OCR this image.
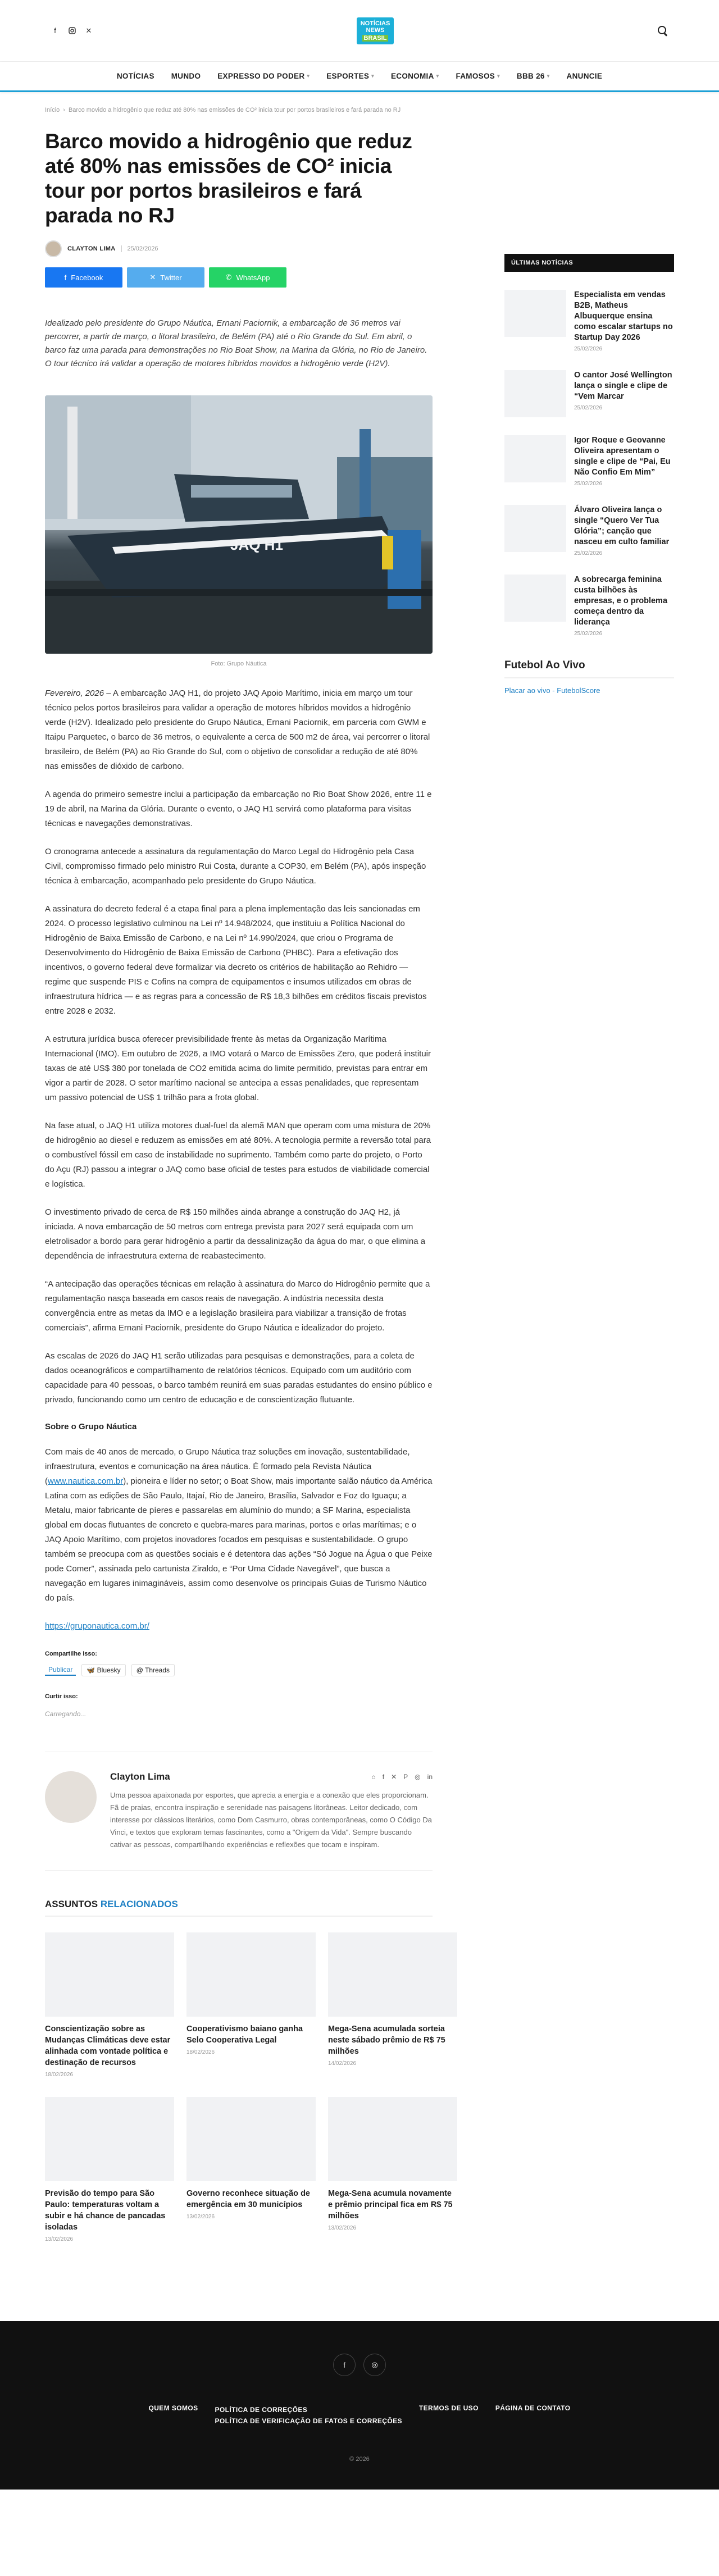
f	✕
NOTÍCIAS
NEWS
BRASIL
NOTÍCIAS MUNDO EXPRESSO DO PODER ▾ ESPORTES ▾ ECONOMIA ▾ FAMOSOS ▾ BBB 26 ▾ ANUNCIE
Início › Barco movido a hidrogênio que reduz até 80% nas emissões de CO² inicia tour por portos brasileiros e fará parada no RJ
Barco movido a hidrogênio que reduz até 80% nas emissões de CO² inicia tour por portos brasileiros e fará parada no RJ
CLAYTON LIMA	25/02/2026
f Facebook	✕ Twitter	✆ WhatsApp

Idealizado pelo presidente do Grupo Náutica, Ernani Paciornik, a embarcação de 36 metros vai percorrer, a partir de março, o litoral brasileiro, de Belém (PA) até o Rio Grande do Sul. Em abril, o barco faz uma parada para demonstrações no Rio Boat Show, na Marina da Glória, no Rio de Janeiro. O tour técnico irá validar a operação de motores híbridos movidos a hidrogênio verde (H2V).

JAQ H1
Foto: Grupo Náutica

Fevereiro, 2026 – A embarcação JAQ H1, do projeto JAQ Apoio Marítimo, inicia em março um tour técnico pelos portos brasileiros para validar a operação de motores híbridos movidos a hidrogênio verde (H2V). Idealizado pelo presidente do Grupo Náutica, Ernani Paciornik, em parceria com GWM e Itaipu Parquetec, o barco de 36 metros, o equivalente a cerca de 500 m2 de área, vai percorrer o litoral brasileiro, de Belém (PA) ao Rio Grande do Sul, com o objetivo de consolidar a redução de até 80% nas emissões de dióxido de carbono.

A agenda do primeiro semestre inclui a participação da embarcação no Rio Boat Show 2026, entre 11 e 19 de abril, na Marina da Glória. Durante o evento, o JAQ H1 servirá como plataforma para visitas técnicas e navegações demonstrativas.

O cronograma antecede a assinatura da regulamentação do Marco Legal do Hidrogênio pela Casa Civil, compromisso firmado pelo ministro Rui Costa, durante a COP30, em Belém (PA), após inspeção técnica à embarcação, acompanhado pelo presidente do Grupo Náutica.

A assinatura do decreto federal é a etapa final para a plena implementação das leis sancionadas em 2024. O processo legislativo culminou na Lei nº 14.948/2024, que instituiu a Política Nacional do Hidrogênio de Baixa Emissão de Carbono, e na Lei nº 14.990/2024, que criou o Programa de Desenvolvimento do Hidrogênio de Baixa Emissão de Carbono (PHBC). Para a efetivação dos incentivos, o governo federal deve formalizar via decreto os critérios de habilitação ao Rehidro — regime que suspende PIS e Cofins na compra de equipamentos e insumos utilizados em obras de infraestrutura hídrica — e as regras para a concessão de R$ 18,3 bilhões em créditos fiscais previstos entre 2028 e 2032.

A estrutura jurídica busca oferecer previsibilidade frente às metas da Organização Marítima Internacional (IMO). Em outubro de 2026, a IMO votará o Marco de Emissões Zero, que poderá instituir taxas de até US$ 380 por tonelada de CO2 emitida acima do limite permitido, previstas para entrar em vigor a partir de 2028. O setor marítimo nacional se antecipa a essas penalidades, que representam um passivo potencial de US$ 1 trilhão para a frota global.

Na fase atual, o JAQ H1 utiliza motores dual-fuel da alemã MAN que operam com uma mistura de 20% de hidrogênio ao diesel e reduzem as emissões em até 80%. A tecnologia permite a reversão total para o combustível fóssil em caso de instabilidade no suprimento. Também como parte do projeto, o Porto do Açu (RJ) passou a integrar o JAQ como base oficial de testes para estudos de viabilidade comercial e logística.

O investimento privado de cerca de R$ 150 milhões ainda abrange a construção do JAQ H2, já iniciada. A nova embarcação de 50 metros com entrega prevista para 2027 será equipada com um eletrolisador a bordo para gerar hidrogênio a partir da dessalinização da água do mar, o que elimina a dependência de infraestrutura externa de reabastecimento.

“A antecipação das operações técnicas em relação à assinatura do Marco do Hidrogênio permite que a regulamentação nasça baseada em casos reais de navegação. A indústria necessita desta convergência entre as metas da IMO e a legislação brasileira para viabilizar a transição de frotas comerciais”, afirma Ernani Paciornik, presidente do Grupo Náutica e idealizador do projeto.

As escalas de 2026 do JAQ H1 serão utilizadas para pesquisas e demonstrações, para a coleta de dados oceanográficos e compartilhamento de relatórios técnicos. Equipado com um auditório com capacidade para 40 pessoas, o barco também reunirá em suas paradas estudantes do ensino público e privado, funcionando como um centro de educação e de conscientização flutuante.

Sobre o Grupo Náutica

Com mais de 40 anos de mercado, o Grupo Náutica traz soluções em inovação, sustentabilidade, infraestrutura, eventos e comunicação na área náutica. É formado pela Revista Náutica (www.nautica.com.br), pioneira e líder no setor; o Boat Show, mais importante salão náutico da América Latina com as edições de São Paulo, Itajaí, Rio de Janeiro, Brasília, Salvador e Foz do Iguaçu; a Metalu, maior fabricante de píeres e passarelas em alumínio do mundo; a SF Marina, especialista global em docas flutuantes de concreto e quebra-mares para marinas, portos e orlas marítimas; e o JAQ Apoio Marítimo, com projetos inovadores focados em pesquisas e sustentabilidade. O grupo também se preocupa com as questões sociais e é detentora das ações “Só Jogue na Água o que Peixe pode Comer”, assinada pelo cartunista Ziraldo, e “Por Uma Cidade Navegável”, que busca a navegação em lugares inimagináveis, assim como desenvolve os principais Guias de Turismo Náutico do país.

https://gruponautica.com.br/

Compartilhe isso:
Publicar	🦋 Bluesky	@ Threads
Curtir isso:
Carregando...
Clayton Lima	⌂ f ✕ P ◎ in

Uma pessoa apaixonada por esportes, que aprecia a energia e a conexão que eles proporcionam. Fã de praias, encontra inspiração e serenidade nas paisagens litorâneas. Leitor dedicado, com interesse por clássicos literários, como Dom Casmurro, obras contemporâneas, como O Código Da Vinci, e textos que exploram temas fascinantes, como a "Origem da Vida". Sempre buscando cativar as pessoas, compartilhando experiências e reflexões que tocam e inspiram.

ASSUNTOS RELACIONADOS
Conscientização sobre as Mudanças Climáticas deve estar alinhada com vontade política e destinação de recursos
18/02/2026
Cooperativismo baiano ganha Selo Cooperativa Legal
18/02/2026
Mega-Sena acumulada sorteia neste sábado prêmio de R$ 75 milhões
14/02/2026
Previsão do tempo para São Paulo: temperaturas voltam a subir e há chance de pancadas isoladas
13/02/2026
Governo reconhece situação de emergência em 30 municípios
13/02/2026
Mega-Sena acumula novamente e prêmio principal fica em R$ 75 milhões
13/02/2026
ÚLTIMAS NOTÍCIAS
Especialista em vendas B2B, Matheus Albuquerque ensina como escalar startups no Startup Day 2026
25/02/2026
O cantor José Wellington lança o single e clipe de “Vem Marcar
25/02/2026
Igor Roque e Geovanne Oliveira apresentam o single e clipe de “Pai, Eu Não Confio Em Mim”
25/02/2026
Álvaro Oliveira lança o single “Quero Ver Tua Glória”; canção que nasceu em culto familiar
25/02/2026
A sobrecarga feminina custa bilhões às empresas, e o problema começa dentro da liderança
25/02/2026
Futebol Ao Vivo
Placar ao vivo - FutebolScore
f	◎
QUEM SOMOS	POLÍTICA DE CORREÇÕES
POLÍTICA DE VERIFICAÇÃO DE FATOS E CORREÇÕES
TERMOS DE USO	PÁGINA DE CONTATO
© 2026
